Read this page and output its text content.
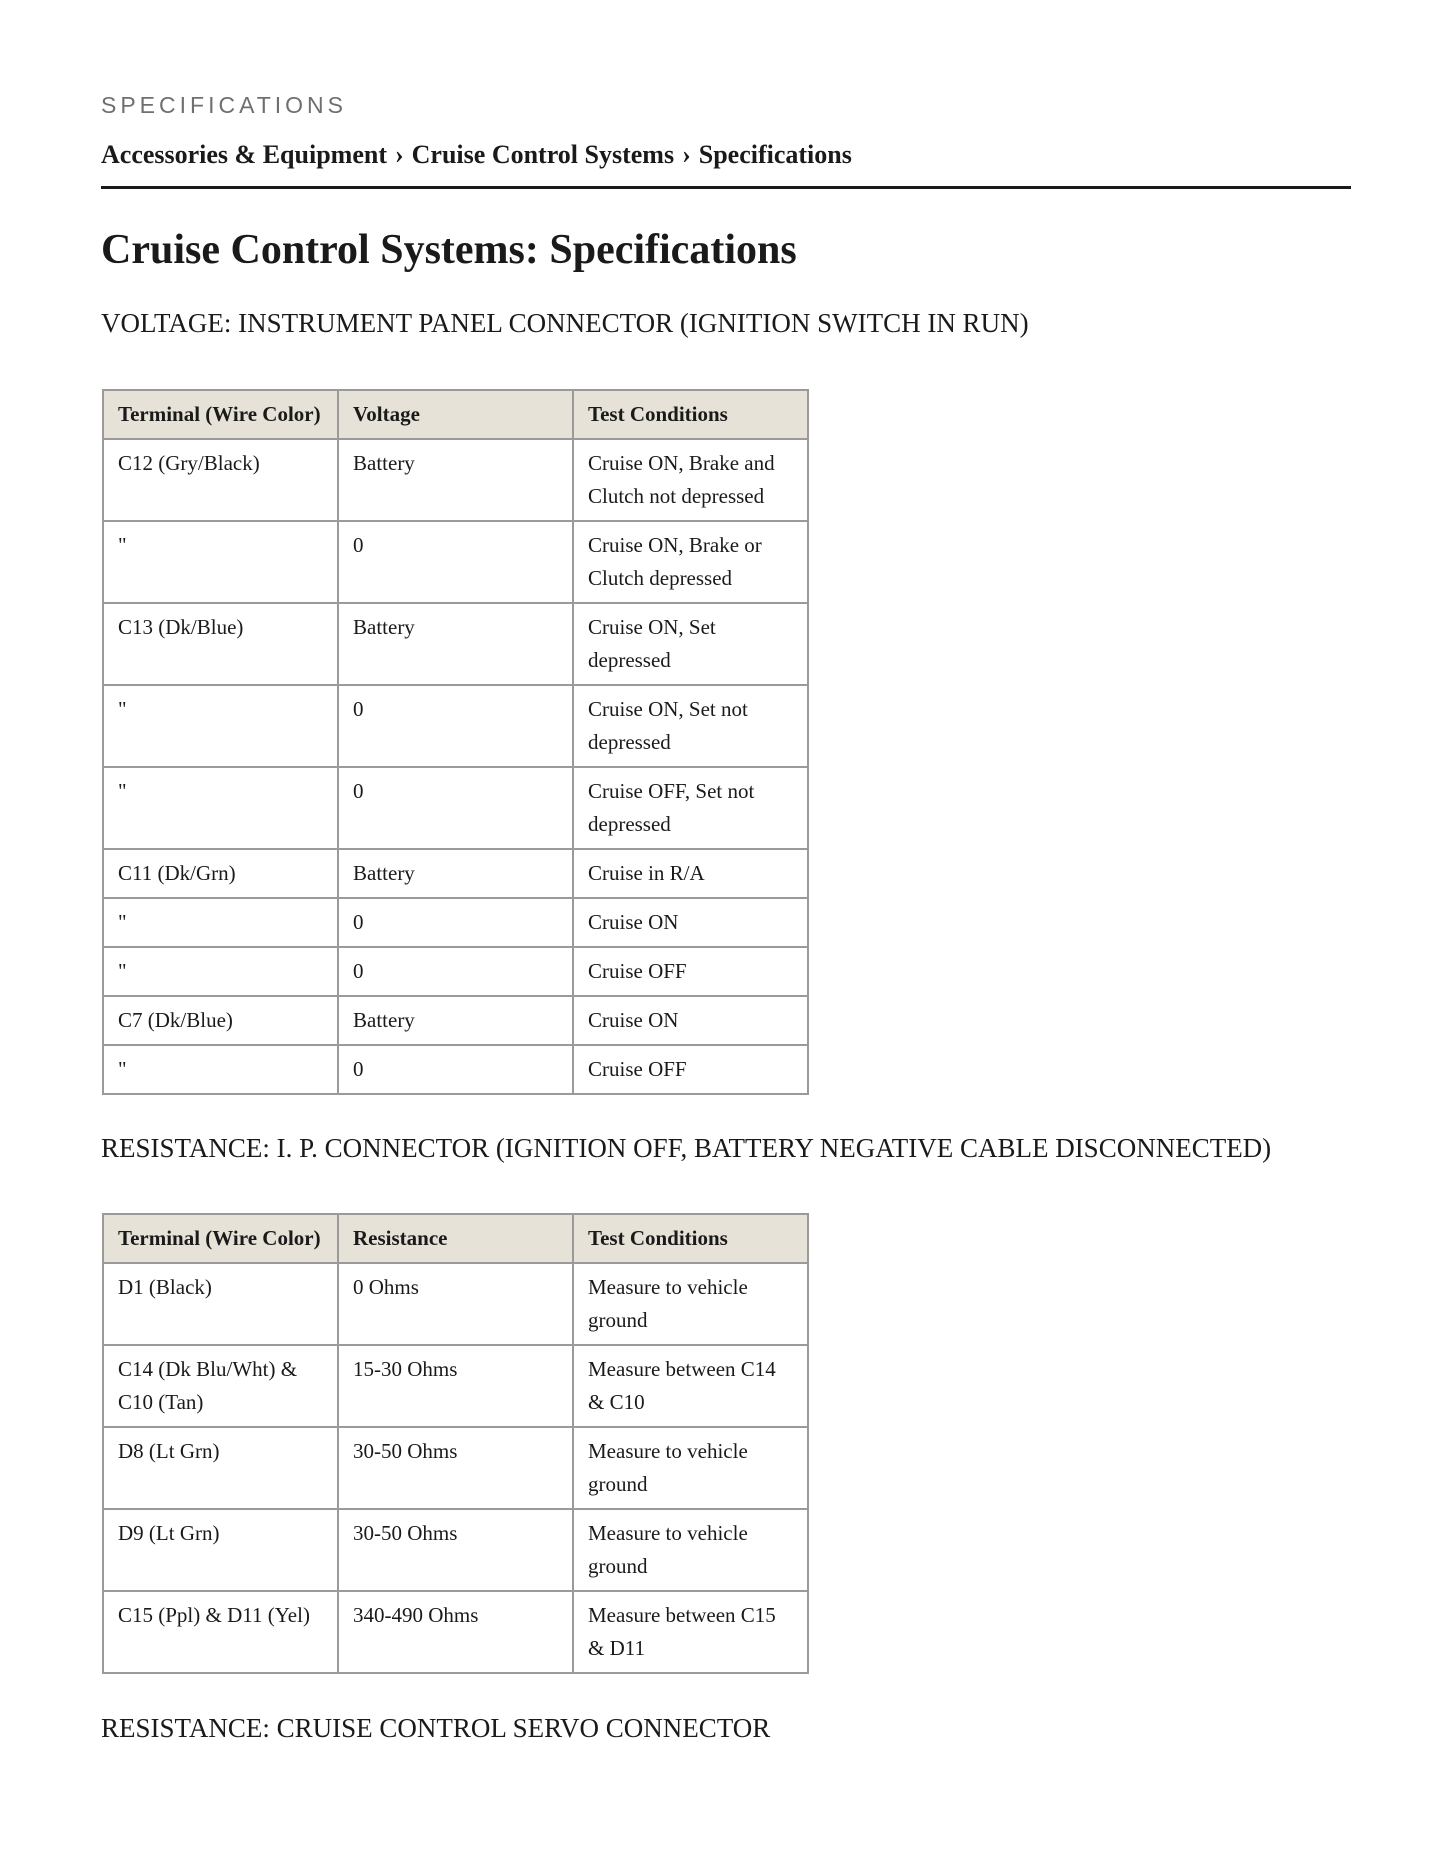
SPECIFICATIONS
Accessories & Equipment › Cruise Control Systems › Specifications
Cruise Control Systems: Specifications
VOLTAGE: INSTRUMENT PANEL CONNECTOR (IGNITION SWITCH IN RUN)
Terminal (Wire Color)	Voltage	Test Conditions
C12 (Gry/Black)	Battery	Cruise ON, Brake and Clutch not depressed
"	0	Cruise ON, Brake or Clutch depressed
C13 (Dk/Blue)	Battery	Cruise ON, Set depressed
"	0	Cruise ON, Set not depressed
"	0	Cruise OFF, Set not depressed
C11 (Dk/Grn)	Battery	Cruise in R/A
"	0	Cruise ON
"	0	Cruise OFF
C7 (Dk/Blue)	Battery	Cruise ON
"	0	Cruise OFF
RESISTANCE: I. P. CONNECTOR (IGNITION OFF, BATTERY NEGATIVE CABLE DISCONNECTED)
Terminal (Wire Color)	Resistance	Test Conditions
D1 (Black)	0 Ohms	Measure to vehicle ground
C14 (Dk Blu/Wht) & C10 (Tan)	15-30 Ohms	Measure between C14 & C10
D8 (Lt Grn)	30-50 Ohms	Measure to vehicle ground
D9 (Lt Grn)	30-50 Ohms	Measure to vehicle ground
C15 (Ppl) & D11 (Yel)	340-490 Ohms	Measure between C15 & D11
RESISTANCE: CRUISE CONTROL SERVO CONNECTOR
